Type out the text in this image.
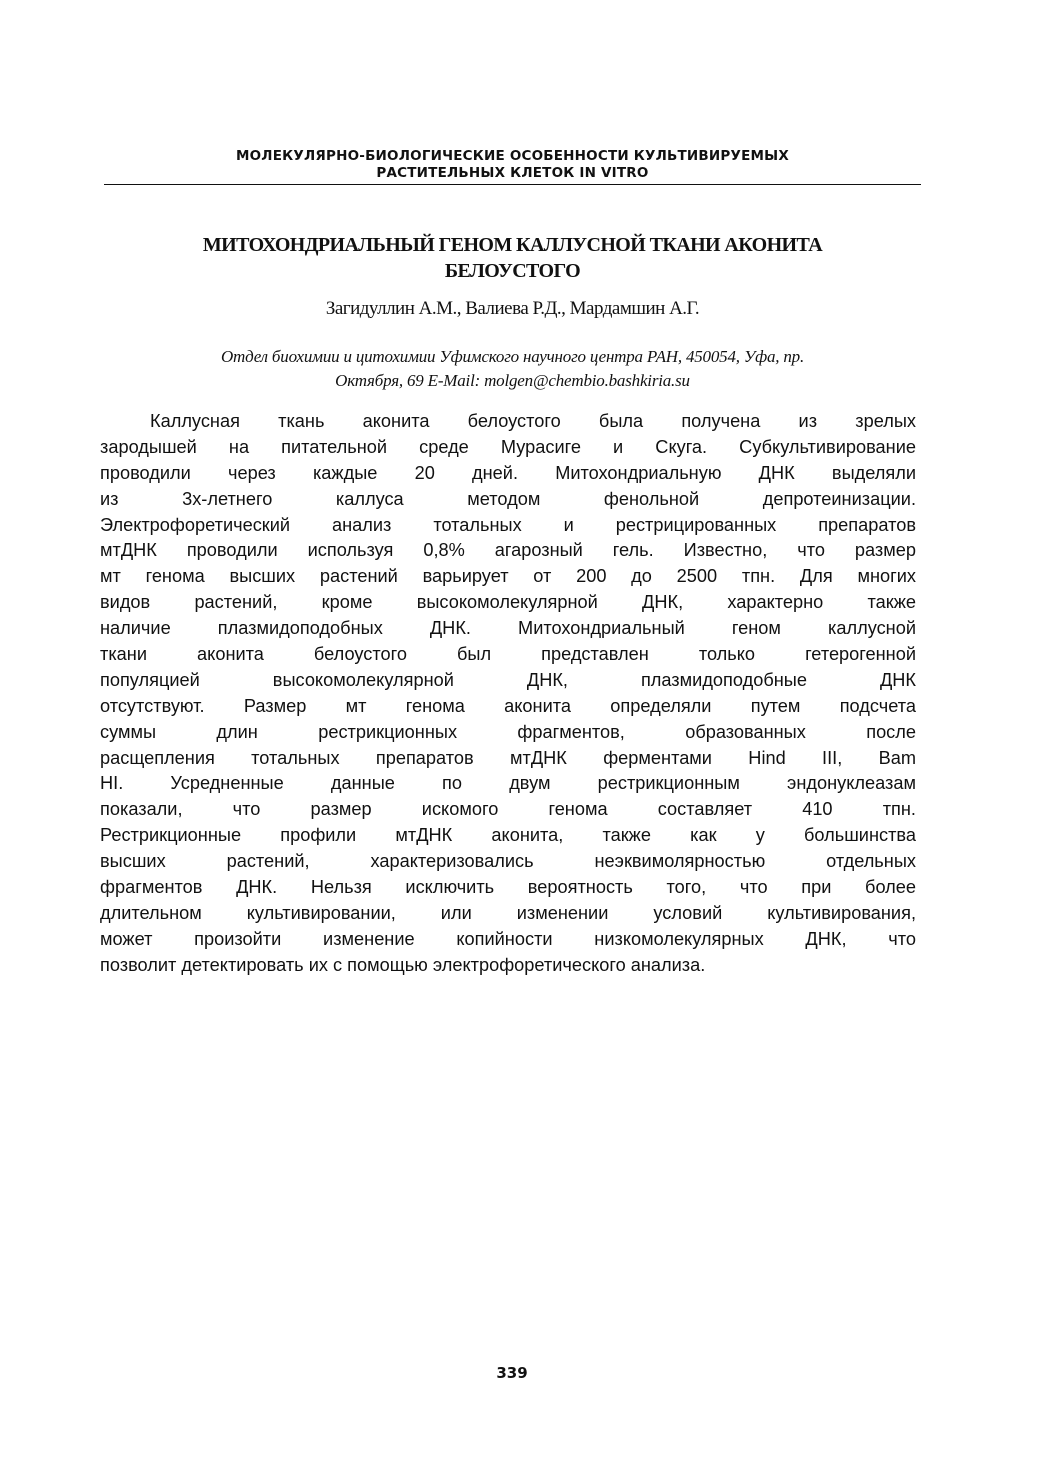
МОЛЕКУЛЯРНО-БИОЛОГИЧЕСКИЕ ОСОБЕННОСТИ КУЛЬТИВИРУЕМЫХ
РАСТИТЕЛЬНЫХ КЛЕТОК IN VITRO
МИТОХОНДРИАЛЬНЫЙ ГЕНОМ КАЛЛУСНОЙ ТКАНИ АКОНИТА
БЕЛОУСТОГО
Загидуллин А.М., Валиева Р.Д., Мардамшин А.Г.
Отдел биохимии и цитохимии Уфимского научного центра РАН, 450054, Уфа, пр.
Октября, 69 E-Mail: molgen@chembio.bashkiria.su
Каллусная ткань аконита белоустого была получена из зрелых
зародышей на питательной среде Мурасиге и Скуга. Субкультивирование
проводили через каждые 20 дней. Митохондриальную ДНК выделяли
из 3х-летнего каллуса методом фенольной депротеинизации.
Электрофоретический анализ тотальных и рестрицированных препаратов
мтДНК проводили используя 0,8% агарозный гель. Известно, что размер
мт генома высших растений варьирует от 200 до 2500 тпн. Для многих
видов растений, кроме высокомолекулярной ДНК, характерно также
наличие плазмидоподобных ДНК. Митохондриальный геном каллусной
ткани аконита белоустого был представлен только гетерогенной
популяцией высокомолекулярной ДНК, плазмидоподобные ДНК
отсутствуют. Размер мт генома аконита определяли путем подсчета
суммы длин рестрикционных фрагментов, образованных после
расщепления тотальных препаратов мтДНК ферментами Hind III, Bam
HI. Усредненные данные по двум рестрикционным эндонуклеазам
показали, что размер искомого генома составляет 410 тпн.
Рестрикционные профили мтДНК аконита, также как у большинства
высших растений, характеризовались неэквимолярностью отдельных
фрагментов ДНК. Нельзя исключить вероятность того, что при более
длительном культивировании, или изменении условий культивирования,
может произойти изменение копийности низкомолекулярных ДНК, что
позволит детектировать их с помощью электрофоретического анализа.
339
